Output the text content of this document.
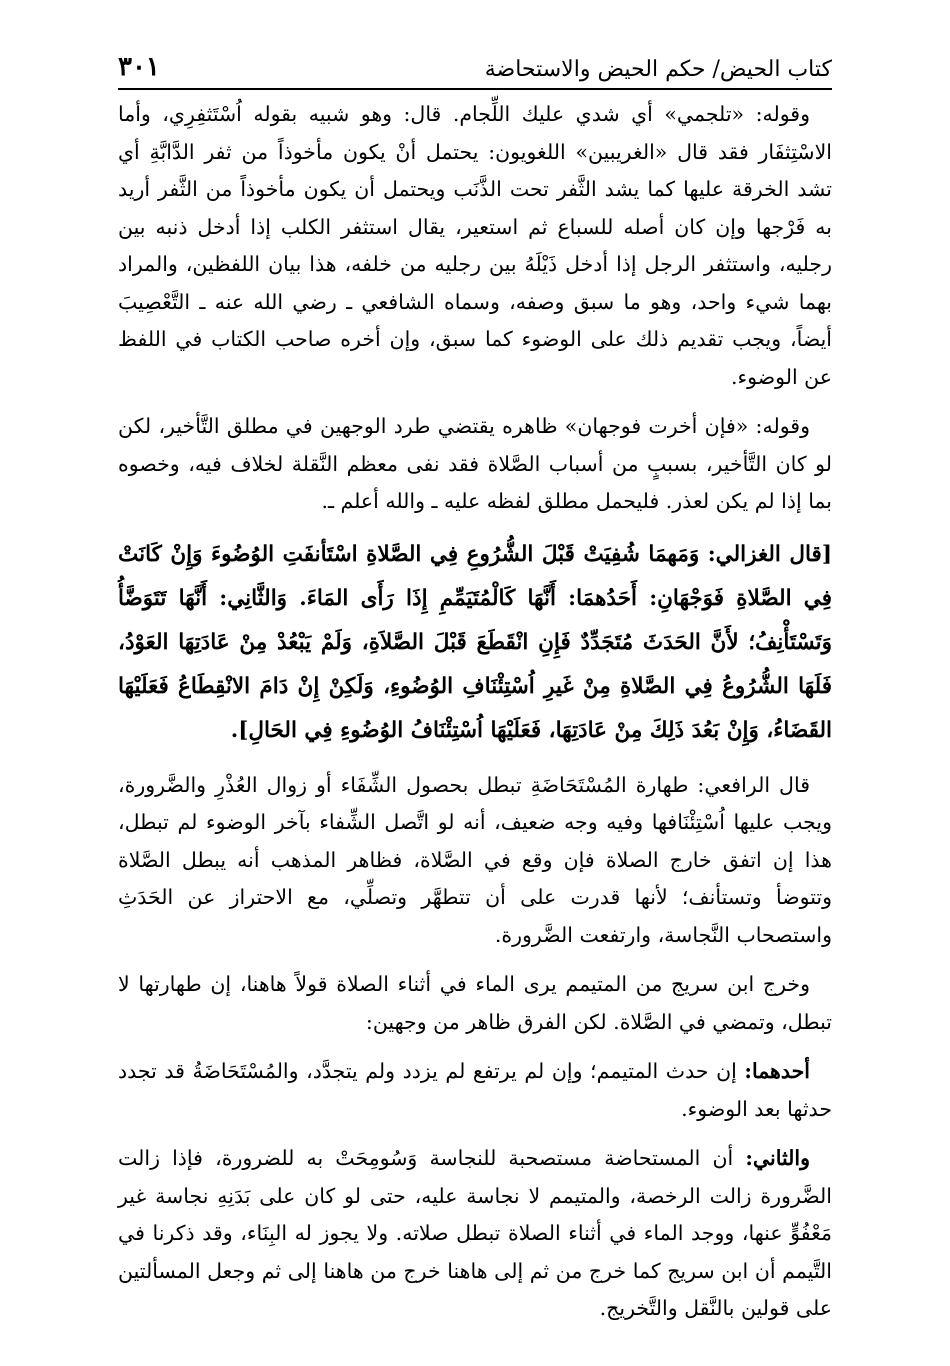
كتاب الحيض/ حكم الحيض والاستحاضة
٣٠١

وقوله: «تلجمي» أي شدي عليك اللِّجام. قال: وهو شبيه بقوله اُسْتَثفِرِي، وأما الاسْتِثفَار فقد قال «الغريبين» اللغويون: يحتمل أنْ يكون مأخوذاً من ثفر الدَّابَّةِ أي تشد الخرقة عليها كما يشد الثَّفر تحت الذَّنَب ويحتمل أن يكون مأخوذاً من الثَّفر أريد به فَرْجها وإن كان أصله للسباع ثم استعير، يقال استثفر الكلب إذا أدخل ذنبه بين رجليه، واستثفر الرجل إذا أدخل ذَيْلَهُ بين رجليه من خلفه، هذا بيان اللفظين، والمراد بهما شيء واحد، وهو ما سبق وصفه، وسماه الشافعي ـ رضي الله عنه ـ التَّعْصِيبَ أيضاً، ويجب تقديم ذلك على الوضوء كما سبق، وإن أخره صاحب الكتاب في اللفظ عن الوضوء.

وقوله: «فإن أخرت فوجهان» ظاهره يقتضي طرد الوجهين في مطلق التَّأخير، لكن لو كان التَّأخير، بسببٍ من أسباب الصَّلاة فقد نفى معظم النَّقلة لخلاف فيه، وخصوه بما إذا لم يكن لعذر. فليحمل مطلق لفظه عليه ـ والله أعلم ـ.

[قال الغزالي: وَمَهمَا شُفِيَتْ قَبْلَ الشُّرُوعِ فِي الصَّلاةِ اسْتَأنفَتِ الوُضُوءَ وَإِنْ كَانَتْ فِي الصَّلاةِ فَوَجْهَانِ: أَحَدُهمَا: أَنَّهَا كَالْمُتَيَمِّمِ إِذَا رَأَى المَاءَ. وَالثَّانِي: أَنَّهَا تَتَوَضَّأُ وَتَسْتَأْنِفُ؛ لأَنَّ الحَدَثَ مُتَجَدِّدٌ فَإِنِ انْقَطَعَ قَبْلَ الصَّلاَةِ، وَلَمْ يَبْعُدْ مِنْ عَادَتِهَا العَوْدُ، فَلَهَا الشُّرُوعُ فِي الصَّلاةِ مِنْ غَيرِ اُسْتِئْنَافِ الوُضُوءِ، وَلَكِنْ إِنْ دَامَ الانْقِطَاعُ فَعَلَيْهَا القَضَاءُ، وَإِنْ بَعُدَ ذَلِكَ مِنْ عَادَتِهَا، فَعَلَيْهَا اُسْتِئْنَافُ الوُضُوءِ فِي الحَالِ].

قال الرافعي: طهارة المُسْتَحَاضَةِ تبطل بحصول الشِّفَاء أو زوال العُذْرِ والضَّرورة، ويجب عليها اُسْتِئْنَافها وفيه وجه ضعيف، أنه لو اتَّصل الشِّفاء بآخر الوضوء لم تبطل، هذا إن اتفق خارج الصلاة فإن وقع في الصَّلاة، فظاهر المذهب أنه يبطل الصَّلاة وتتوضأ وتستأنف؛ لأنها قدرت على أن تتطهَّر وتصلِّي، مع الاحتراز عن الحَدَثِ واستصحاب النَّجاسة، وارتفعت الضَّرورة.

وخرج ابن سريج من المتيمم يرى الماء في أثناء الصلاة قولاً هاهنا، إن طهارتها لا تبطل، وتمضي في الصَّلاة. لكن الفرق ظاهر من وجهين:

أحدهما: إن حدث المتيمم؛ وإن لم يرتفع لم يزدد ولم يتجدَّد، والمُسْتَحَاضَةُ قد تجدد حدثها بعد الوضوء.

والثاني: أن المستحاضة مستصحبة للنجاسة وَسُومِحَتْ به للضرورة، فإذا زالت الضَّرورة زالت الرخصة، والمتيمم لا نجاسة عليه، حتى لو كان على بَدَنِهِ نجاسة غير مَعْفُوٍّ عنها، ووجد الماء في أثناء الصلاة تبطل صلاته. ولا يجوز له البِنَاء، وقد ذكرنا في التَّيمم أن ابن سريج كما خرج من ثم إلى هاهنا خرج من هاهنا إلى ثم وجعل المسألتين على قولين بالنَّقل والتَّخريج.
